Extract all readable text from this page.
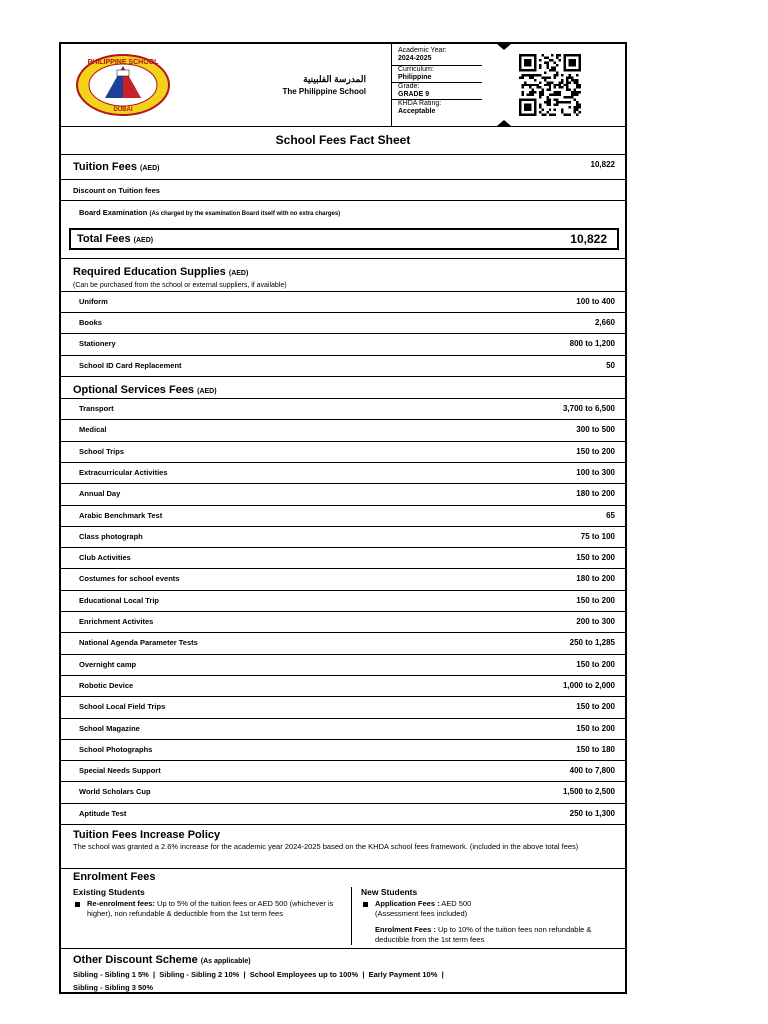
PHILIPPINE SCHOOL
DUBAI
المدرسة الفلبينية
The Philippine School
Academic Year:
2024-2025
Curriculum:
Philippine
Grade:
GRADE 9
KHDA Rating:
Acceptable
School Fees Fact Sheet
Tuition Fees (AED)	10,822
Discount on Tuition fees
Board Examination (As charged by the examination Board itself with no extra charges)
Total Fees (AED)	10,822
Required Education Supplies (AED)
(Can be purchased from the school or external suppliers, if available)
Uniform	100 to 400
Books	2,660
Stationery	800 to 1,200
School ID Card Replacement	50
Optional Services Fees (AED)
Transport	3,700 to 6,500
Medical	300 to 500
School Trips	150 to 200
Extracurricular Activities	100 to 300
Annual Day	180 to 200
Arabic Benchmark Test	65
Class photograph	75 to 100
Club Activities	150 to 200
Costumes for school events	180 to 200
Educational Local Trip	150 to 200
Enrichment Activites	200 to 300
National Agenda Parameter Tests	250 to 1,285
Overnight camp	150 to 200
Robotic Device	1,000 to 2,000
School Local Field Trips	150 to 200
School Magazine	150 to 200
School Photographs	150 to 180
Special Needs Support	400 to 7,800
World Scholars Cup	1,500 to 2,500
Aptitude Test	250 to 1,300
Tuition Fees Increase Policy
The school was granted a 2.6% increase for the academic year 2024-2025 based on the KHDA school fees framework. (included in the above total fees)
Enrolment Fees
Existing Students
Re-enrolment fees: Up to 5% of the tuition fees or AED 500 (whichever is higher), non refundable & deductible from the 1st term fees
New Students
Application Fees : AED 500
(Assessment fees included)
Enrolment Fees : Up to 10% of the tuition fees non refundable & deductible from the 1st term fees
Other Discount Scheme (As applicable)
Sibling - Sibling 1 5% | Sibling - Sibling 2 10% | School Employees up to 100% | Early Payment 10% |
Sibling - Sibling 3 50%
